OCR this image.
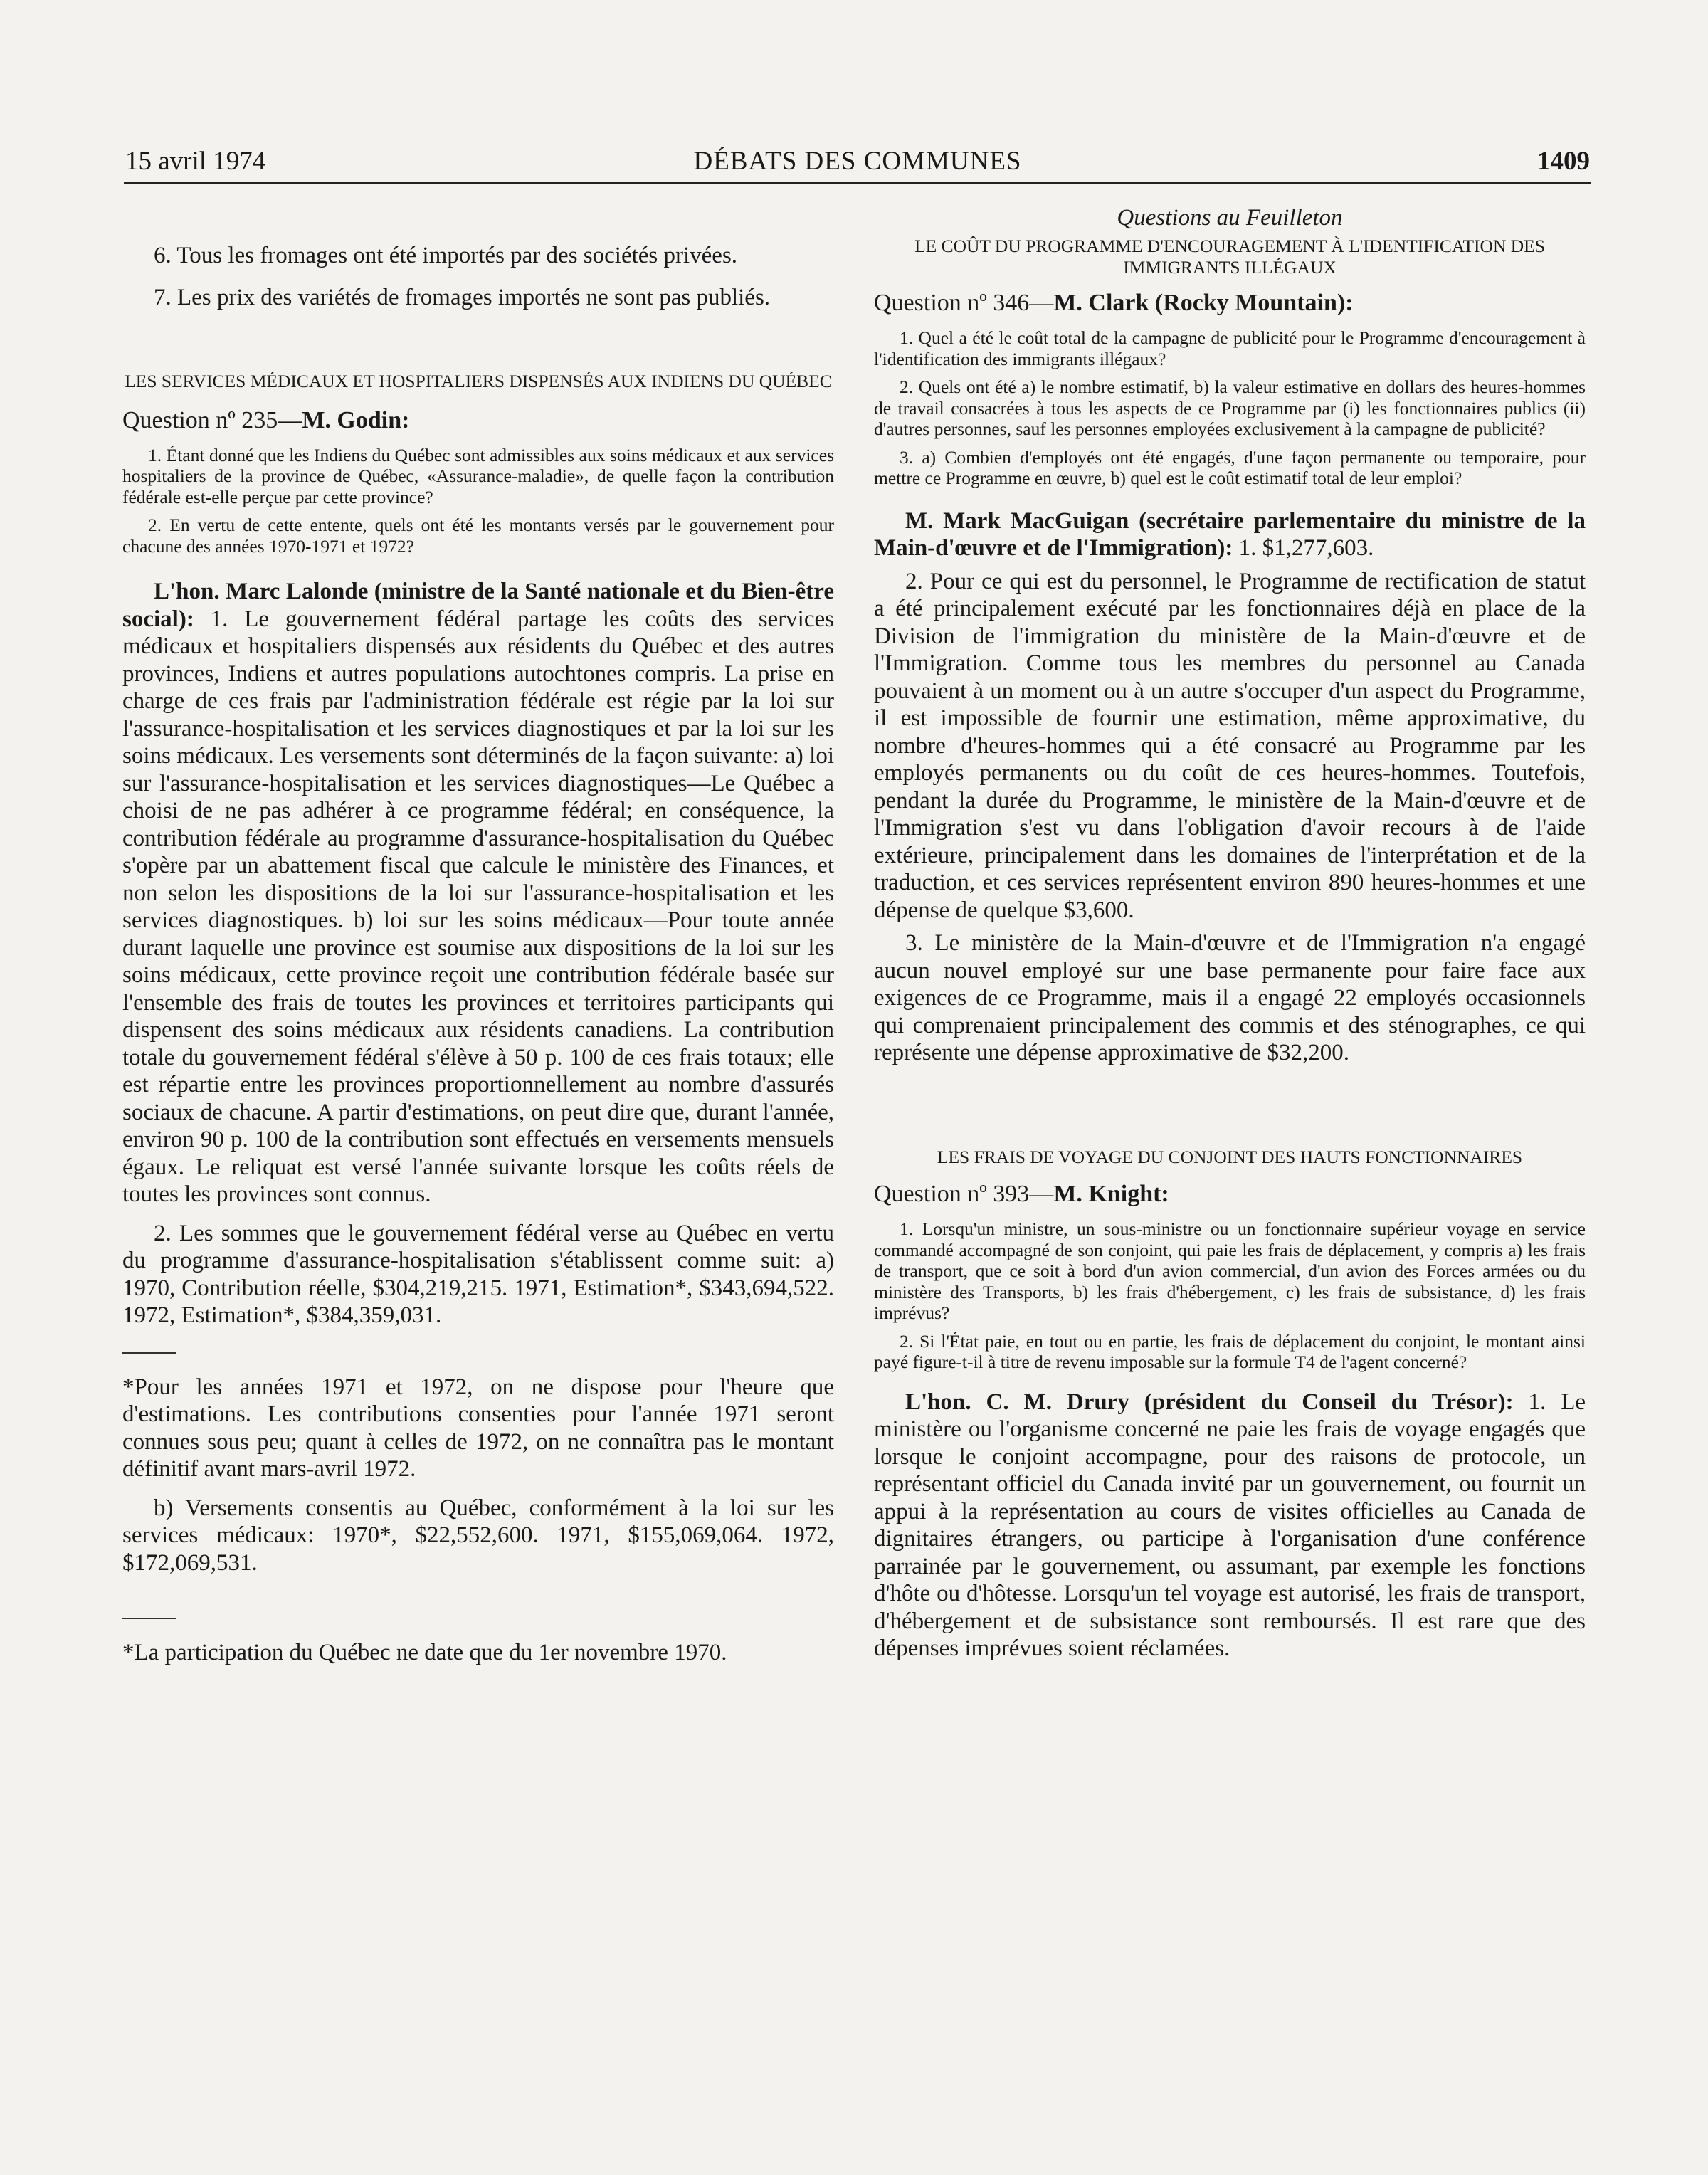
15 avril 1974	DÉBATS DES COMMUNES	1409

6. Tous les fromages ont été importés par des sociétés privées.

7. Les prix des variétés de fromages importés ne sont pas publiés.

LES SERVICES MÉDICAUX ET HOSPITALIERS DISPENSÉS AUX INDIENS DU QUÉBEC

Question nº 235—M. Godin:

1. Étant donné que les Indiens du Québec sont admissibles aux soins médicaux et aux services hospitaliers de la province de Québec, «Assurance-maladie», de quelle façon la contribution fédérale est-elle perçue par cette province?

2. En vertu de cette entente, quels ont été les montants versés par le gouvernement pour chacune des années 1970-1971 et 1972?

L'hon. Marc Lalonde (ministre de la Santé nationale et du Bien-être social): 1. Le gouvernement fédéral partage les coûts des services médicaux et hospitaliers dispensés aux résidents du Québec et des autres provinces, Indiens et autres populations autochtones compris. La prise en charge de ces frais par l'administration fédérale est régie par la loi sur l'assurance-hospitalisation et les services diagnostiques et par la loi sur les soins médicaux. Les versements sont déterminés de la façon suivante: a) loi sur l'assurance-hospitalisation et les services diagnostiques—Le Québec a choisi de ne pas adhérer à ce programme fédéral; en conséquence, la contribution fédérale au programme d'assurance-hospitalisation du Québec s'opère par un abattement fiscal que calcule le ministère des Finances, et non selon les dispositions de la loi sur l'assurance-hospitalisation et les services diagnostiques. b) loi sur les soins médicaux—Pour toute année durant laquelle une province est soumise aux dispositions de la loi sur les soins médicaux, cette province reçoit une contribution fédérale basée sur l'ensemble des frais de toutes les provinces et territoires participants qui dispensent des soins médicaux aux résidents canadiens. La contribution totale du gouvernement fédéral s'élève à 50 p. 100 de ces frais totaux; elle est répartie entre les provinces proportionnellement au nombre d'assurés sociaux de chacune. A partir d'estimations, on peut dire que, durant l'année, environ 90 p. 100 de la contribution sont effectués en versements mensuels égaux. Le reliquat est versé l'année suivante lorsque les coûts réels de toutes les provinces sont connus.

2. Les sommes que le gouvernement fédéral verse au Québec en vertu du programme d'assurance-hospitalisation s'établissent comme suit: a) 1970, Contribution réelle, $304,219,215. 1971, Estimation*, $343,694,522. 1972, Estimation*, $384,359,031.

*Pour les années 1971 et 1972, on ne dispose pour l'heure que d'estimations. Les contributions consenties pour l'année 1971 seront connues sous peu; quant à celles de 1972, on ne connaîtra pas le montant définitif avant mars-avril 1972.

b) Versements consentis au Québec, conformément à la loi sur les services médicaux: 1970*, $22,552,600. 1971, $155,069,064. 1972, $172,069,531.

*La participation du Québec ne date que du 1er novembre 1970.

Questions au Feuilleton

LE COÛT DU PROGRAMME D'ENCOURAGEMENT À L'IDENTIFICATION DES IMMIGRANTS ILLÉGAUX

Question nº 346—M. Clark (Rocky Mountain):

1. Quel a été le coût total de la campagne de publicité pour le Programme d'encouragement à l'identification des immigrants illégaux?

2. Quels ont été a) le nombre estimatif, b) la valeur estimative en dollars des heures-hommes de travail consacrées à tous les aspects de ce Programme par (i) les fonctionnaires publics (ii) d'autres personnes, sauf les personnes employées exclusivement à la campagne de publicité?

3. a) Combien d'employés ont été engagés, d'une façon permanente ou temporaire, pour mettre ce Programme en œuvre, b) quel est le coût estimatif total de leur emploi?

M. Mark MacGuigan (secrétaire parlementaire du ministre de la Main-d'œuvre et de l'Immigration): 1. $1,277,603.

2. Pour ce qui est du personnel, le Programme de rectification de statut a été principalement exécuté par les fonctionnaires déjà en place de la Division de l'immigration du ministère de la Main-d'œuvre et de l'Immigration. Comme tous les membres du personnel au Canada pouvaient à un moment ou à un autre s'occuper d'un aspect du Programme, il est impossible de fournir une estimation, même approximative, du nombre d'heures-hommes qui a été consacré au Programme par les employés permanents ou du coût de ces heures-hommes. Toutefois, pendant la durée du Programme, le ministère de la Main-d'œuvre et de l'Immigration s'est vu dans l'obligation d'avoir recours à de l'aide extérieure, principalement dans les domaines de l'interprétation et de la traduction, et ces services représentent environ 890 heures-hommes et une dépense de quelque $3,600.

3. Le ministère de la Main-d'œuvre et de l'Immigration n'a engagé aucun nouvel employé sur une base permanente pour faire face aux exigences de ce Programme, mais il a engagé 22 employés occasionnels qui comprenaient principalement des commis et des sténographes, ce qui représente une dépense approximative de $32,200.

LES FRAIS DE VOYAGE DU CONJOINT DES HAUTS FONCTIONNAIRES

Question nº 393—M. Knight:

1. Lorsqu'un ministre, un sous-ministre ou un fonctionnaire supérieur voyage en service commandé accompagné de son conjoint, qui paie les frais de déplacement, y compris a) les frais de transport, que ce soit à bord d'un avion commercial, d'un avion des Forces armées ou du ministère des Transports, b) les frais d'hébergement, c) les frais de subsistance, d) les frais imprévus?

2. Si l'État paie, en tout ou en partie, les frais de déplacement du conjoint, le montant ainsi payé figure-t-il à titre de revenu imposable sur la formule T4 de l'agent concerné?

L'hon. C. M. Drury (président du Conseil du Trésor): 1. Le ministère ou l'organisme concerné ne paie les frais de voyage engagés que lorsque le conjoint accompagne, pour des raisons de protocole, un représentant officiel du Canada invité par un gouvernement, ou fournit un appui à la représentation au cours de visites officielles au Canada de dignitaires étrangers, ou participe à l'organisation d'une conférence parrainée par le gouvernement, ou assumant, par exemple les fonctions d'hôte ou d'hôtesse. Lorsqu'un tel voyage est autorisé, les frais de transport, d'hébergement et de subsistance sont remboursés. Il est rare que des dépenses imprévues soient réclamées.
